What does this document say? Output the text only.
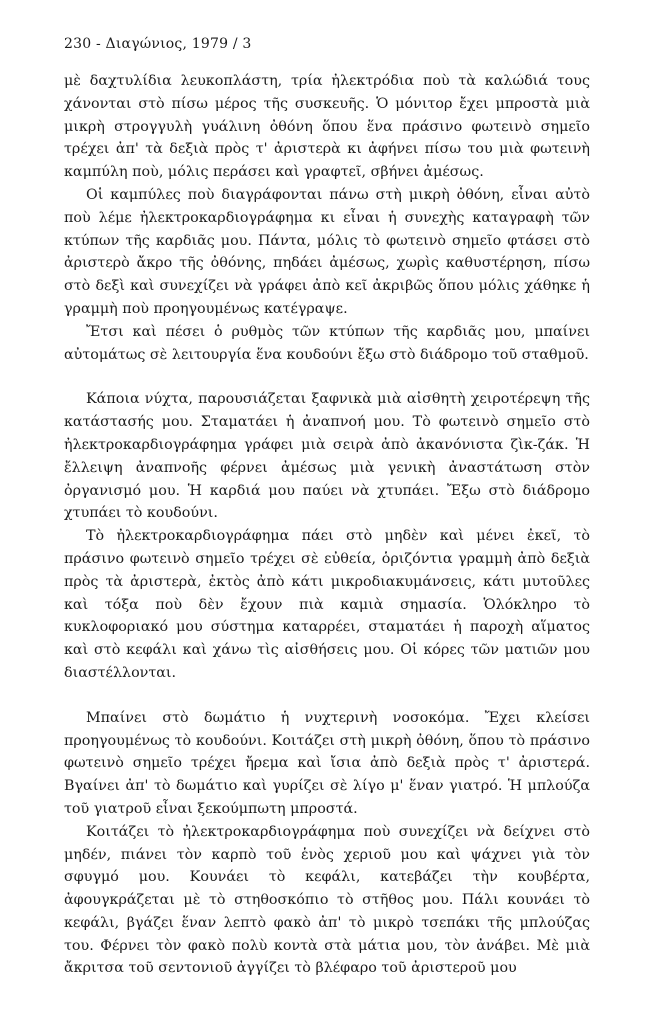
230 - Διαγώνιος, 1979 / 3

μὲ δαχτυλίδια λευκοπλάστη, τρία ἠλεκτρόδια ποὺ τὰ καλώδιά τους χάνονται στὸ πίσω μέρος τῆς συσκευῆς. Ὁ μόνιτορ ἔχει μπροστὰ μιὰ μικρὴ στρογγυλὴ γυάλινη ὀθόνη ὅπου ἕνα πράσινο φωτεινὸ σημεῖο τρέχει ἀπ' τὰ δεξιὰ πρὸς τ' ἀριστερὰ κι ἀφήνει πίσω του μιὰ φωτεινὴ καμπύλη ποὺ, μόλις περάσει καὶ γραφτεῖ, σβήνει ἀμέσως.

Οἱ καμπύλες ποὺ διαγράφονται πάνω στὴ μικρὴ ὀθόνη, εἶναι αὐτὸ ποὺ λέμε ἠλεκτροκαρδιογράφημα κι εἶναι ἡ συνεχὴς καταγραφὴ τῶν κτύπων τῆς καρδιᾶς μου. Πάντα, μόλις τὸ φωτεινὸ σημεῖο φτάσει στὸ ἀριστερὸ ἄκρο τῆς ὀθόνης, πηδάει ἀμέσως, χωρὶς καθυστέρηση, πίσω στὸ δεξὶ καὶ συνεχίζει νὰ γράφει ἀπὸ κεῖ ἀκριβῶς ὅπου μόλις χάθηκε ἡ γραμμὴ ποὺ προηγουμένως κατέγραψε.

Ἔτσι καὶ πέσει ὁ ρυθμὸς τῶν κτύπων τῆς καρδιᾶς μου, μπαίνει αὐτομάτως σὲ λειτουργία ἕνα κουδούνι ἔξω στὸ διάδρομο τοῦ σταθμοῦ.

Κάποια νύχτα, παρουσιάζεται ξαφνικὰ μιὰ αἰσθητὴ χειροτέρεψη τῆς κατάστασής μου. Σταματάει ἡ ἀναπνοή μου. Τὸ φωτεινὸ σημεῖο στὸ ἠλεκτροκαρδιογράφημα γράφει μιὰ σειρὰ ἀπὸ ἀκανόνιστα ζὶκ-ζάκ. Ἡ ἔλλειψη ἀναπνοῆς φέρνει ἀμέσως μιὰ γενικὴ ἀναστάτωση στὸν ὀργανισμό μου. Ἡ καρδιά μου παύει νὰ χτυπάει. Ἔξω στὸ διάδρομο χτυπάει τὸ κουδούνι.

Τὸ ἠλεκτροκαρδιογράφημα πάει στὸ μηδὲν καὶ μένει ἐκεῖ, τὸ πράσινο φωτεινὸ σημεῖο τρέχει σὲ εὐθεία, ὁριζόντια γραμμὴ ἀπὸ δεξιὰ πρὸς τὰ ἀριστερὰ, ἐκτὸς ἀπὸ κάτι μικροδιακυμάνσεις, κάτι μυτοῦλες καὶ τόξα ποὺ δὲν ἔχουν πιὰ καμιὰ σημασία. Ὁλόκληρο τὸ κυκλοφοριακό μου σύστημα καταρρέει, σταματάει ἡ παροχὴ αἵματος καὶ στὸ κεφάλι καὶ χάνω τὶς αἰσθήσεις μου. Οἱ κόρες τῶν ματιῶν μου διαστέλλονται.

Μπαίνει στὸ δωμάτιο ἡ νυχτερινὴ νοσοκόμα. Ἔχει κλείσει προηγουμένως τὸ κουδούνι. Κοιτάζει στὴ μικρὴ ὀθόνη, ὅπου τὸ πράσινο φωτεινὸ σημεῖο τρέχει ἤρεμα καὶ ἴσια ἀπὸ δεξιὰ πρὸς τ' ἀριστερά. Βγαίνει ἀπ' τὸ δωμάτιο καὶ γυρίζει σὲ λίγο μ' ἕναν γιατρό. Ἡ μπλούζα τοῦ γιατροῦ εἶναι ξεκούμπωτη μπροστά.

Κοιτάζει τὸ ἠλεκτροκαρδιογράφημα ποὺ συνεχίζει νὰ δείχνει στὸ μηδέν, πιάνει τὸν καρπὸ τοῦ ἑνὸς χεριοῦ μου καὶ ψάχνει γιὰ τὸν σφυγμό μου. Κουνάει τὸ κεφάλι, κατεβάζει τὴν κουβέρτα, ἀφουγκράζεται μὲ τὸ στηθοσκόπιο τὸ στῆθος μου. Πάλι κουνάει τὸ κεφάλι, βγάζει ἕναν λεπτὸ φακὸ ἀπ' τὸ μικρὸ τσεπάκι τῆς μπλούζας του. Φέρνει τὸν φακὸ πολὺ κοντὰ στὰ μάτια μου, τὸν ἀνάβει. Μὲ μιὰ ἄκριτσα τοῦ σεντονιοῦ ἀγγίζει τὸ βλέφαρο τοῦ ἀριστεροῦ μου
